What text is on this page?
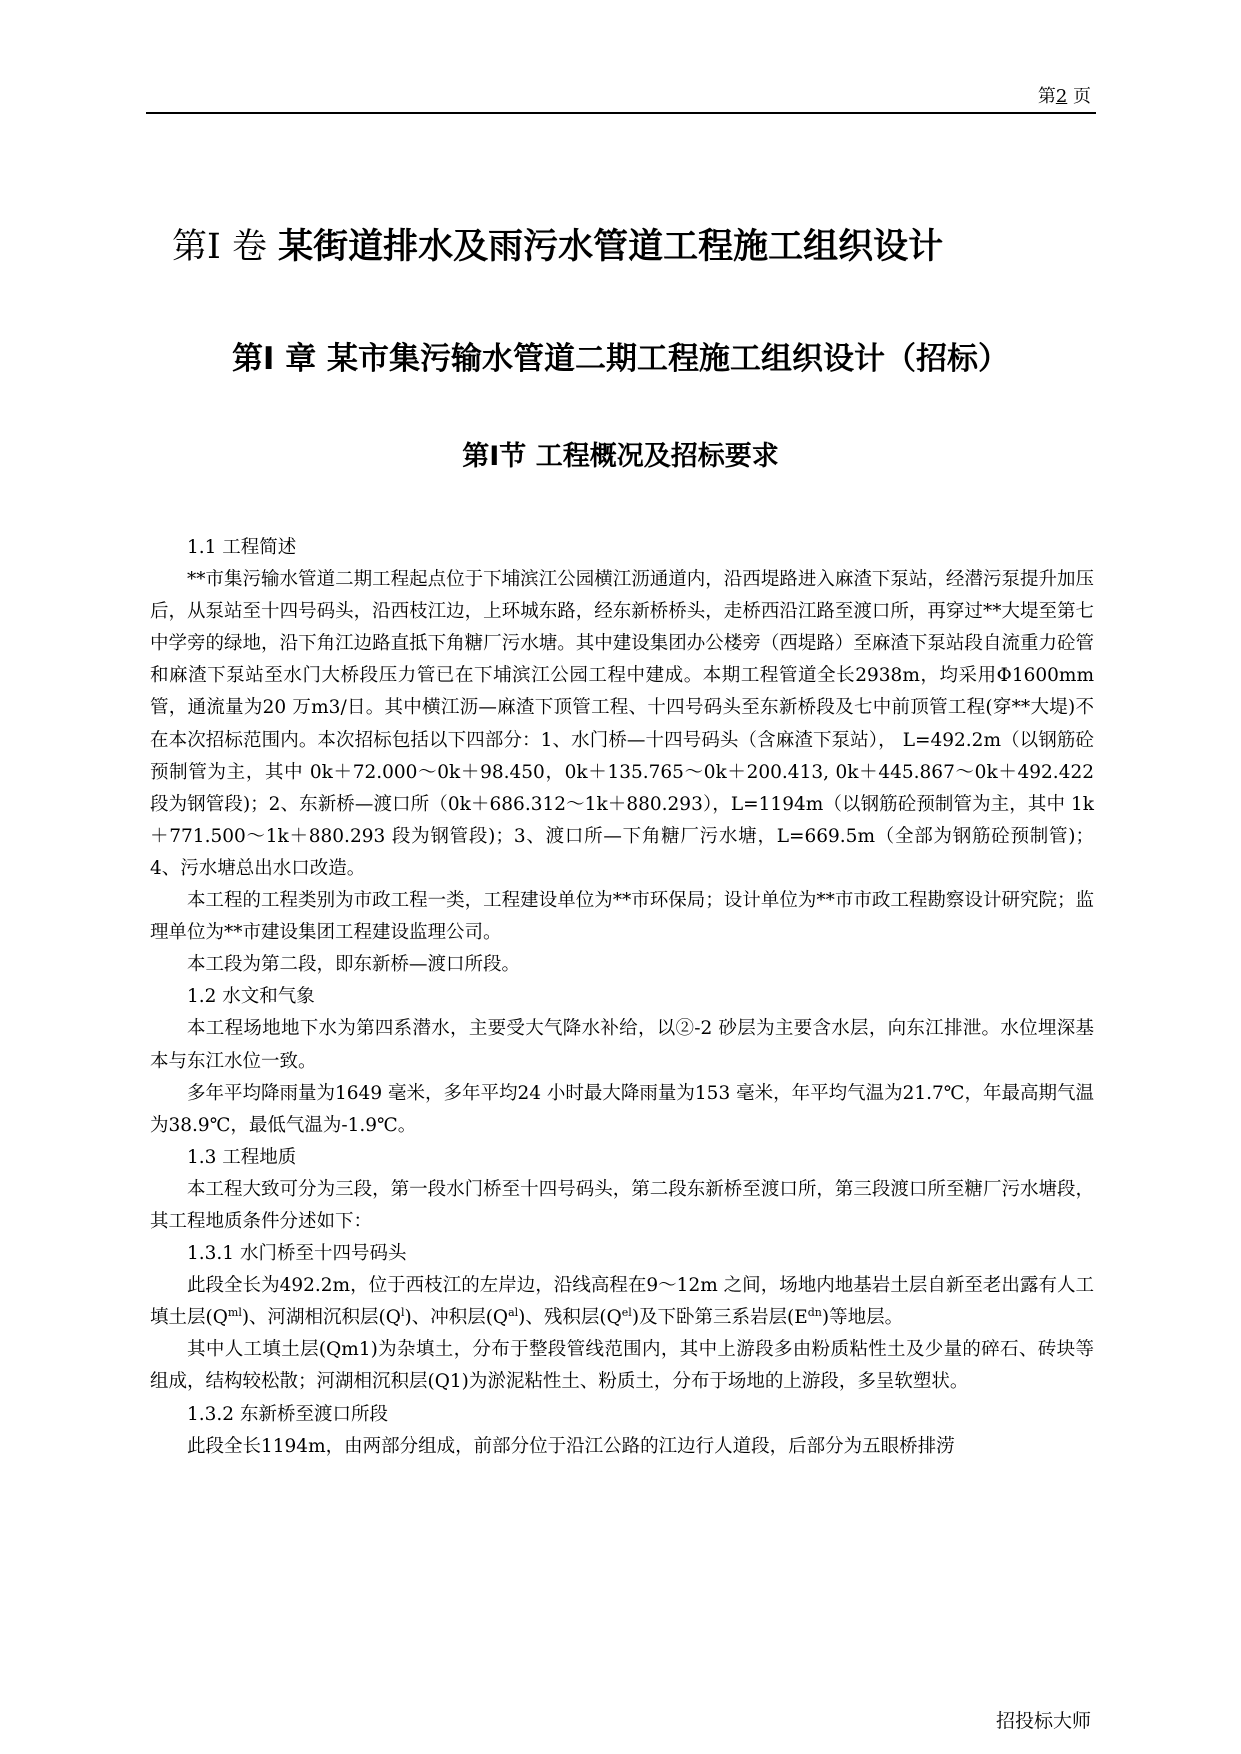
第2 页
第I 卷 某街道排水及雨污水管道工程施工组织设计
第I 章 某市集污输水管道二期工程施工组织设计（招标）
第I节 工程概况及招标要求

1.1 工程简述

**市集污输水管道二期工程起点位于下埔滨江公园横江沥通道内，沿西堤路进入麻渣下泵站，经潜污泵提升加压后，从泵站至十四号码头，沿西枝江边，上环城东路，经东新桥桥头，走桥西沿江路至渡口所，再穿过**大堤至第七中学旁的绿地，沿下角江边路直抵下角糖厂污水塘。其中建设集团办公楼旁（西堤路）至麻渣下泵站段自流重力砼管和麻渣下泵站至水门大桥段压力管已在下埔滨江公园工程中建成。本期工程管道全长2938m，均采用Φ1600mm 管，通流量为20 万m3/日。其中横江沥—麻渣下顶管工程、十四号码头至东新桥段及七中前顶管工程(穿**大堤)不在本次招标范围内。本次招标包括以下四部分：1、水门桥—十四号码头（含麻渣下泵站）， L=492.2m（以钢筋砼预制管为主，其中 0k＋72.000～0k＋98.450，0k＋135.765～0k＋200.413, 0k＋445.867～0k＋492.422 段为钢管段)；2、东新桥—渡口所（0k＋686.312～1k＋880.293），L=1194m（以钢筋砼预制管为主，其中 1k＋771.500～1k＋880.293 段为钢管段)；3、渡口所—下角糖厂污水塘，L=669.5m（全部为钢筋砼预制管)；4、污水塘总出水口改造。

本工程的工程类别为市政工程一类，工程建设单位为**市环保局；设计单位为**市市政工程勘察设计研究院；监理单位为**市建设集团工程建设监理公司。

本工段为第二段，即东新桥—渡口所段。

1.2 水文和气象

本工程场地地下水为第四系潜水，主要受大气降水补给，以②-2 砂层为主要含水层，向东江排泄。水位埋深基本与东江水位一致。

多年平均降雨量为1649 毫米，多年平均24 小时最大降雨量为153 毫米，年平均气温为21.7℃，年最高期气温为38.9℃，最低气温为-1.9℃。

1.3 工程地质

本工程大致可分为三段，第一段水门桥至十四号码头，第二段东新桥至渡口所，第三段渡口所至糖厂污水塘段，其工程地质条件分述如下：

1.3.1 水门桥至十四号码头

此段全长为492.2m，位于西枝江的左岸边，沿线高程在9～12m 之间，场地内地基岩土层自新至老出露有人工填土层$(Q^{ml})$、河湖相沉积层$(Q^l)$、冲积层$(Q^{al})$、残积层$(Q^{el})$及下卧第三系岩层$(E^{dn})$等地层。

其中人工填土层(Qm1)为杂填土，分布于整段管线范围内，其中上游段多由粉质粘性土及少量的碎石、砖块等组成，结构较松散；河湖相沉积层(Q1)为淤泥粘性土、粉质土，分布于场地的上游段，多呈软塑状。

1.3.2 东新桥至渡口所段

此段全长1194m，由两部分组成，前部分位于沿江公路的江边行人道段，后部分为五眼桥排涝

招投标大师
